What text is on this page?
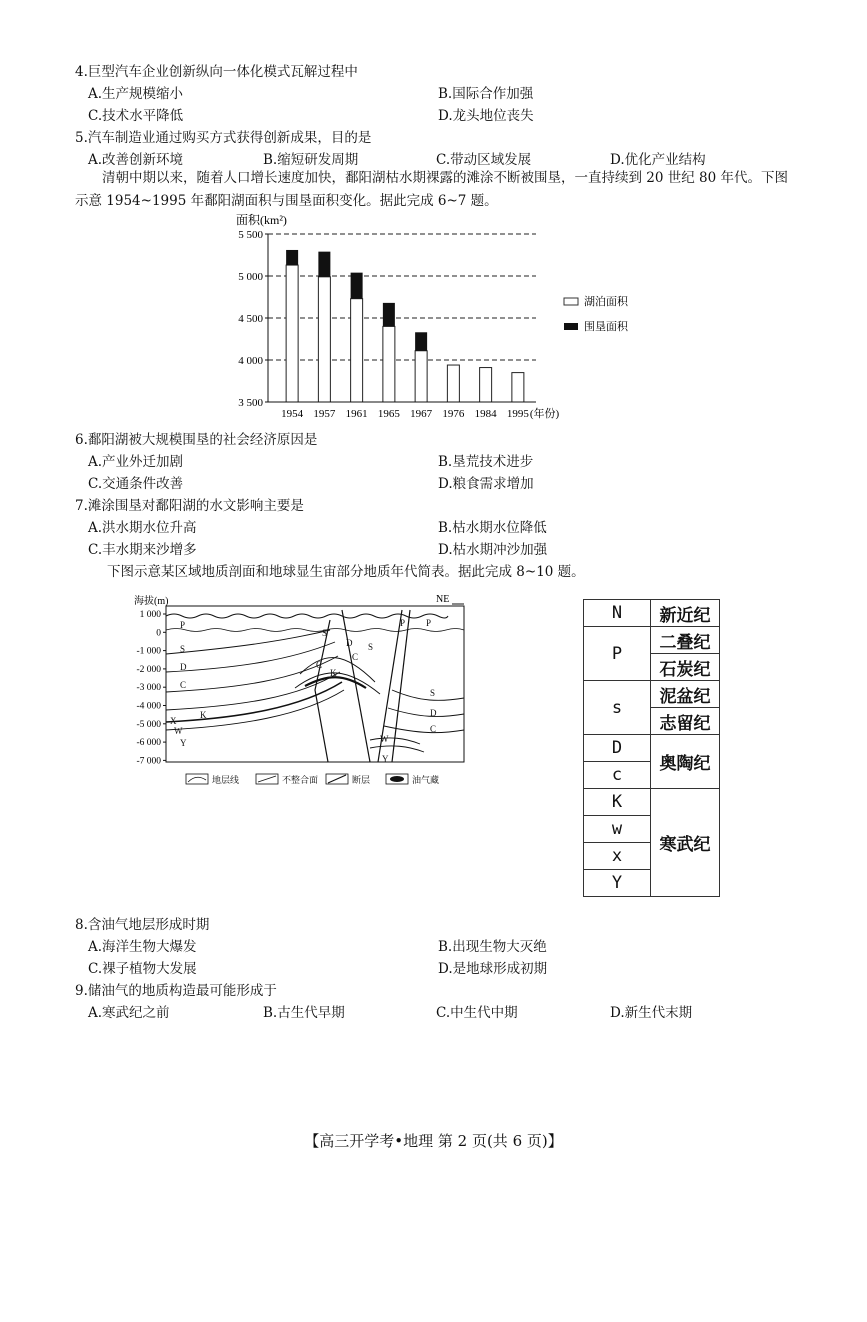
4.巨型汽车企业创新纵向一体化模式瓦解过程中
A.生产规模缩小	B.国际合作加强
C.技术水平降低	D.龙头地位丧失
5.汽车制造业通过购买方式获得创新成果，目的是
A.改善创新环境	B.缩短研发周期	C.带动区域发展	D.优化产业结构
清朝中期以来，随着人口增长速度加快，鄱阳湖枯水期裸露的滩涂不断被围垦，一直持续到 20 世纪 80 年代。下图示意 1954~1995 年鄱阳湖面积与围垦面积变化。据此完成 6~7 题。
面积(km²)
5 500
5 000
4 500
4 000
3 500
1954 1957 1961 1965 1967 1976 1984 1995 (年份)
湖泊面积
围垦面积
6.鄱阳湖被大规模围垦的社会经济原因是
A.产业外迁加剧	B.垦荒技术进步
C.交通条件改善	D.粮食需求增加
7.滩涂围垦对鄱阳湖的水文影响主要是
A.洪水期水位升高	B.枯水期水位降低
C.丰水期来沙增多	D.枯水期冲沙加强
下图示意某区域地质剖面和地球显生宙部分地质年代简表。据此完成 8~10 题。
海拔(m)	NE
1 000
0
-1 000
-2 000
-3 000
-4 000
-5 000
-6 000
-7 000
P
S
D
C
K
W
X
Y
S
D
C
C
K
S
P P
S
D
C
W
Y
地层线	不整合面	断层	油气藏
N	新近纪
P	二叠纪
	石炭纪
s	泥盆纪
	志留纪
D	奥陶纪
c	
K	寒武纪
w	
x	
Y	
8.含油气地层形成时期
A.海洋生物大爆发	B.出现生物大灭绝
C.裸子植物大发展	D.是地球形成初期
9.储油气的地质构造最可能形成于
A.寒武纪之前	B.古生代早期	C.中生代中期	D.新生代末期
【高三开学考•地理 第 2 页(共 6 页)】
